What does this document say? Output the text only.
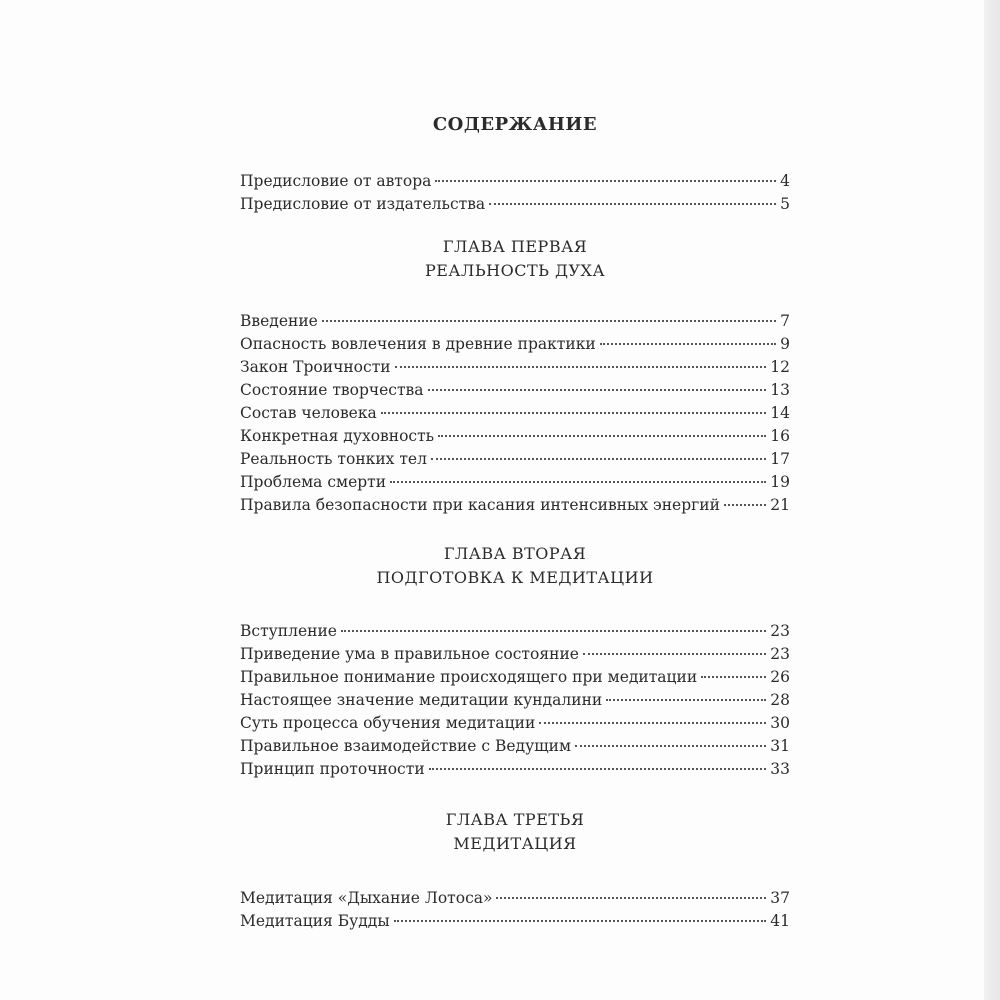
СОДЕРЖАНИЕ
Предисловие от автора	4
Предисловие от издательства	5
ГЛАВА ПЕРВАЯ
РЕАЛЬНОСТЬ ДУХА
Введение	7
Опасность вовлечения в древние практики	9
Закон Троичности	12
Состояние творчества	13
Состав человека	14
Конкретная духовность	16
Реальность тонких тел	17
Проблема смерти	19
Правила безопасности при касания интенсивных энергий	21
ГЛАВА ВТОРАЯ
ПОДГОТОВКА К МЕДИТАЦИИ
Вступление	23
Приведение ума в правильное состояние	23
Правильное понимание происходящего при медитации	26
Настоящее значение медитации кундалини	28
Суть процесса обучения медитации	30
Правильное взаимодействие с Ведущим	31
Принцип проточности	33
ГЛАВА ТРЕТЬЯ
МЕДИТАЦИЯ
Медитация «Дыхание Лотоса»	37
Медитация Будды	41
